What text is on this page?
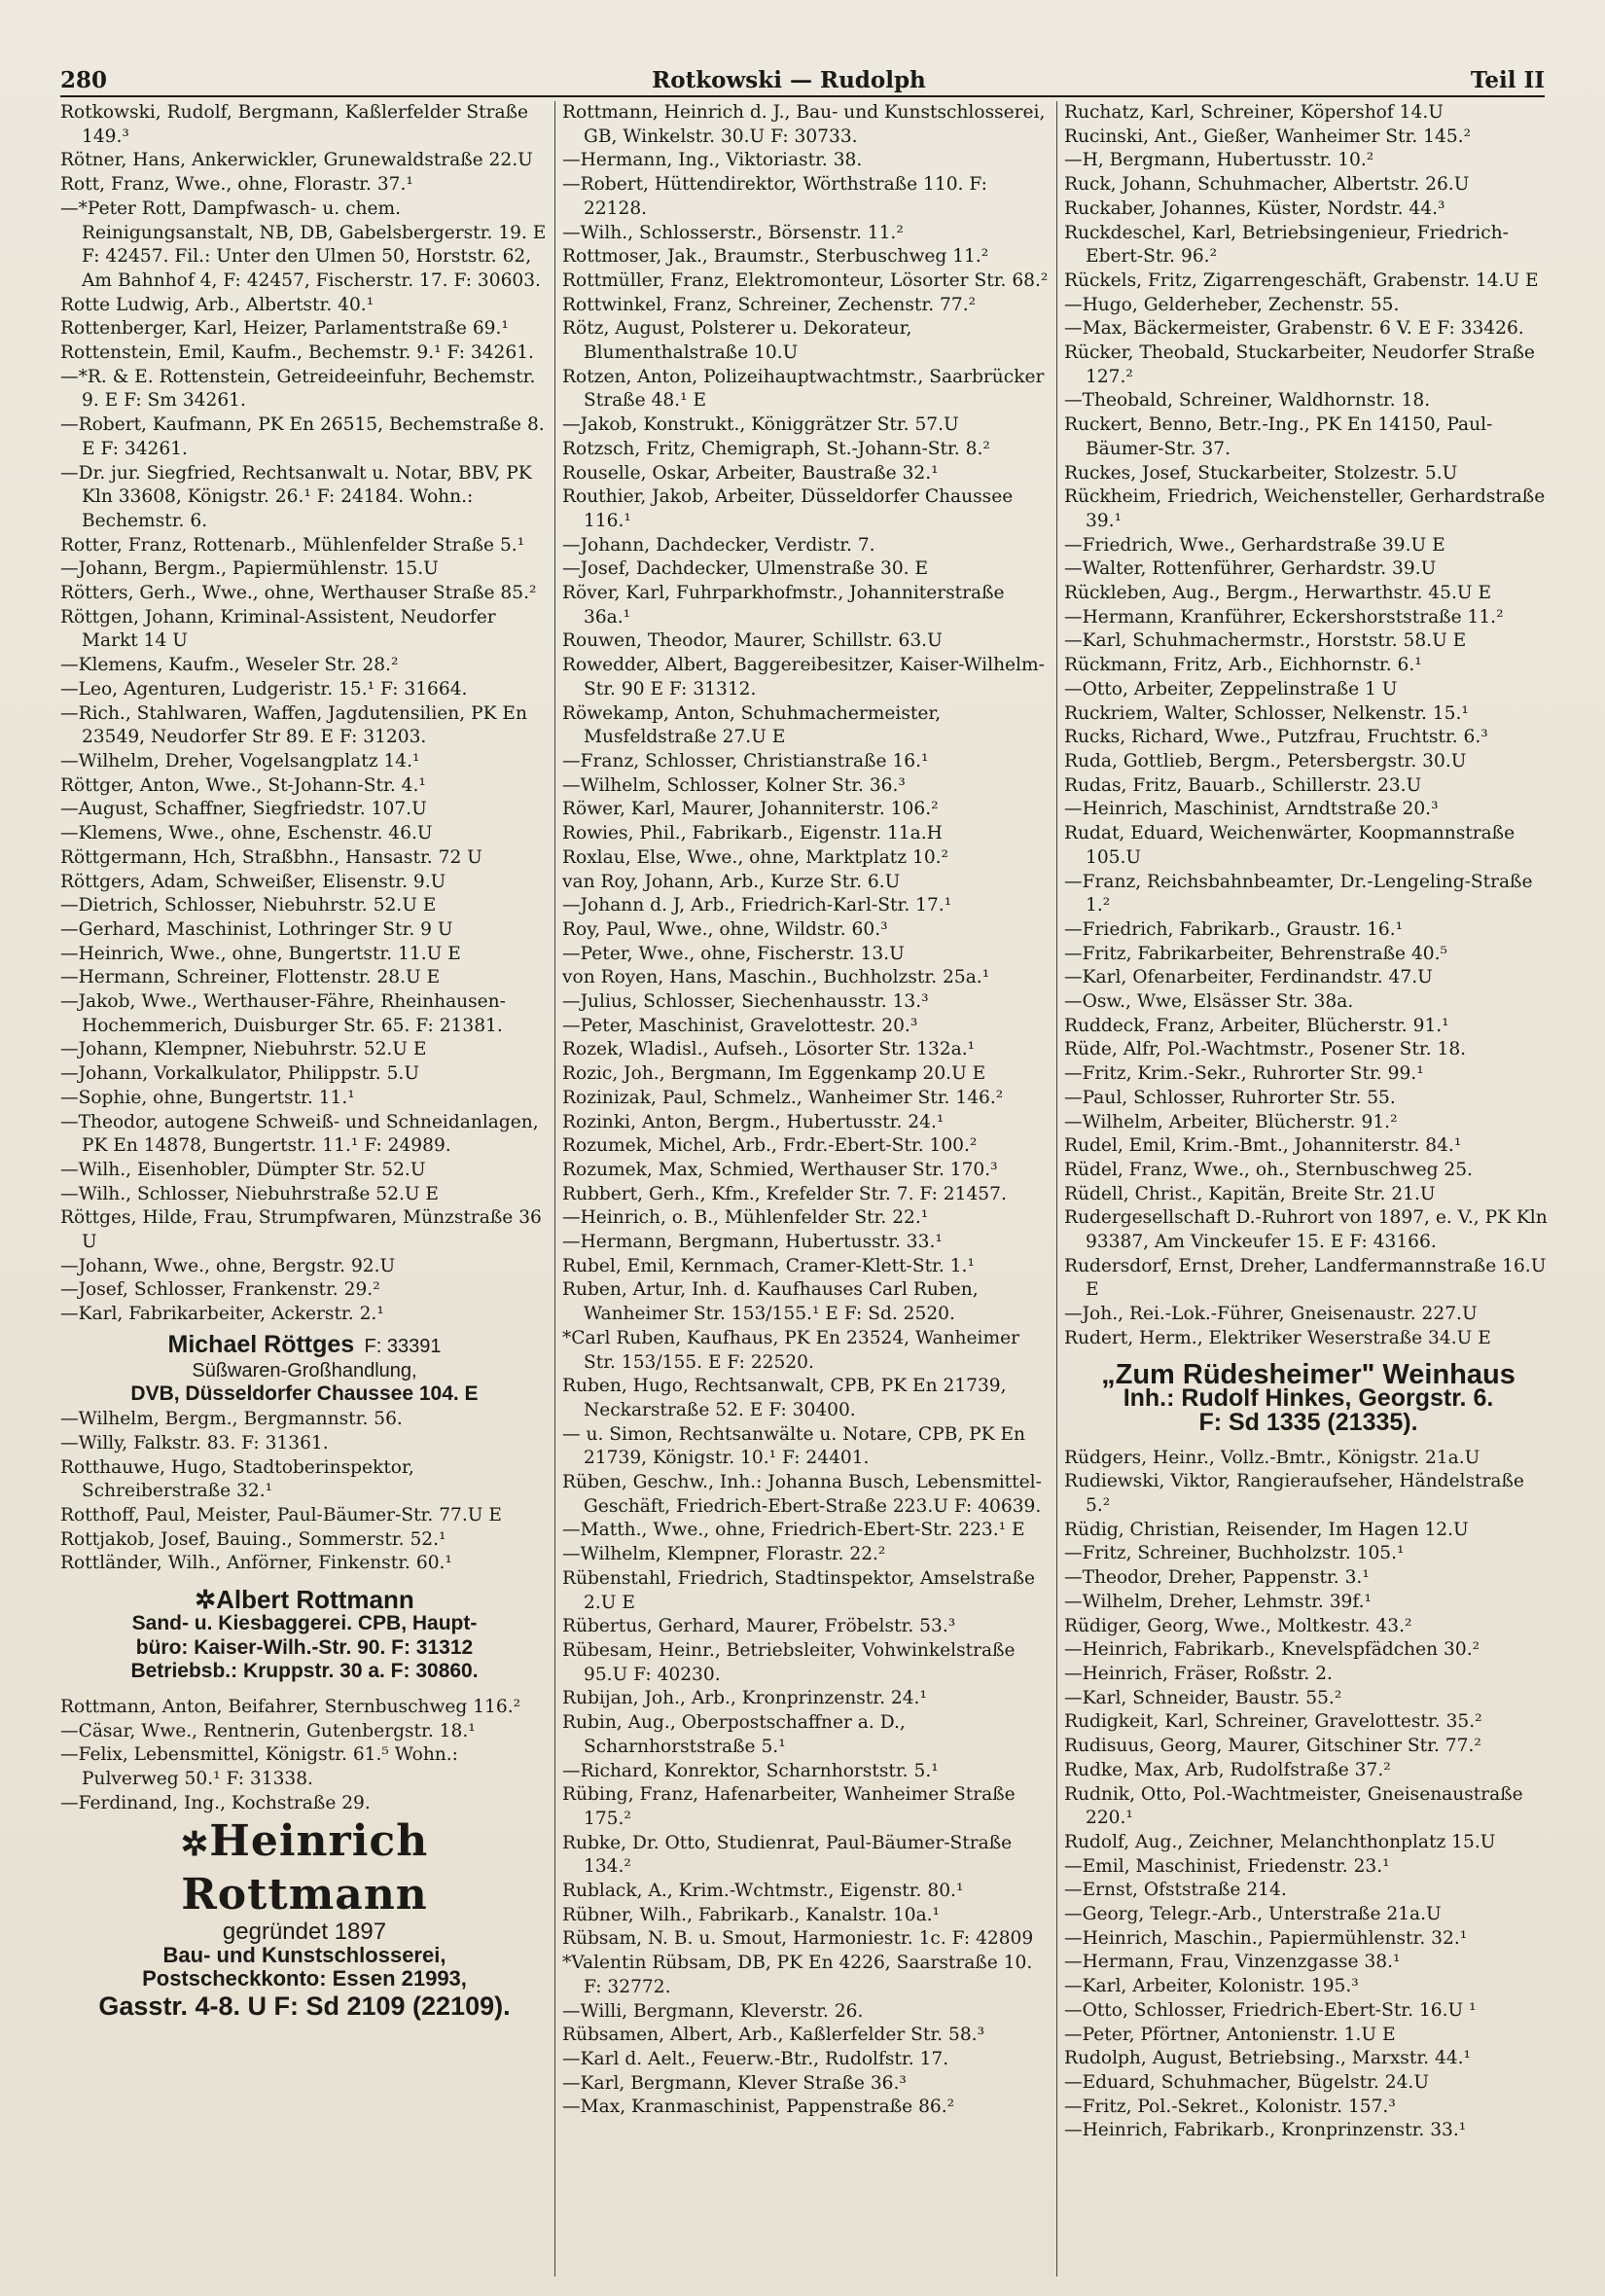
280	Rotkowski — Rudolph	Teil II
Rotkowski, Rudolf, Bergmann, Kaßlerfelder Straße 149.³
Rötner, Hans, Ankerwickler, Grunewaldstraße 22.U
Rott, Franz, Wwe., ohne, Florastr. 37.¹
—*Peter Rott, Dampfwasch- u. chem. Reinigungsanstalt, NB, DB, Gabelsbergerstr. 19. E F: 42457. Fil.: Unter den Ulmen 50, Horststr. 62, Am Bahnhof 4, F: 42457, Fischerstr. 17. F: 30603.
Rotte Ludwig, Arb., Albertstr. 40.¹
Rottenberger, Karl, Heizer, Parlamentstraße 69.¹
Rottenstein, Emil, Kaufm., Bechemstr. 9.¹ F: 34261.
—*R. & E. Rottenstein, Getreideeinfuhr, Bechemstr. 9. E F: Sm 34261.
—Robert, Kaufmann, PK En 26515, Bechemstraße 8. E F: 34261.
—Dr. jur. Siegfried, Rechtsanwalt u. Notar, BBV, PK Kln 33608, Königstr. 26.¹ F: 24184. Wohn.: Bechemstr. 6.
Rotter, Franz, Rottenarb., Mühlenfelder Straße 5.¹
—Johann, Bergm., Papiermühlenstr. 15.U
Rötters, Gerh., Wwe., ohne, Werthauser Straße 85.²
Röttgen, Johann, Kriminal-Assistent, Neudorfer Markt 14 U
—Klemens, Kaufm., Weseler Str. 28.²
—Leo, Agenturen, Ludgeristr. 15.¹ F: 31664.
—Rich., Stahlwaren, Waffen, Jagdutensilien, PK En 23549, Neudorfer Str 89. E F: 31203.
—Wilhelm, Dreher, Vogelsangplatz 14.¹
Röttger, Anton, Wwe., St-Johann-Str. 4.¹
—August, Schaffner, Siegfriedstr. 107.U
—Klemens, Wwe., ohne, Eschenstr. 46.U
Röttgermann, Hch, Straßbhn., Hansastr. 72 U
Röttgers, Adam, Schweißer, Elisenstr. 9.U
—Dietrich, Schlosser, Niebuhrstr. 52.U E
—Gerhard, Maschinist, Lothringer Str. 9 U
—Heinrich, Wwe., ohne, Bungertstr. 11.U E
—Hermann, Schreiner, Flottenstr. 28.U E
—Jakob, Wwe., Werthauser-Fähre, Rheinhausen-Hochemmerich, Duisburger Str. 65. F: 21381.
—Johann, Klempner, Niebuhrstr. 52.U E
—Johann, Vorkalkulator, Philippstr. 5.U
—Sophie, ohne, Bungertstr. 11.¹
—Theodor, autogene Schweiß- und Schneidanlagen, PK En 14878, Bungertstr. 11.¹ F: 24989.
—Wilh., Eisenhobler, Dümpter Str. 52.U
—Wilh., Schlosser, Niebuhrstraße 52.U E
Röttges, Hilde, Frau, Strumpfwaren, Münzstraße 36 U
—Johann, Wwe., ohne, Bergstr. 92.U
—Josef, Schlosser, Frankenstr. 29.²
—Karl, Fabrikarbeiter, Ackerstr. 2.¹
Michael Röttges F: 33391
Süßwaren-Großhandlung,
DVB, Düsseldorfer Chaussee 104. E
—Wilhelm, Bergm., Bergmannstr. 56.
—Willy, Falkstr. 83. F: 31361.
Rotthauwe, Hugo, Stadtoberinspektor, Schreiberstraße 32.¹
Rotthoff, Paul, Meister, Paul-Bäumer-Str. 77.U E
Rottjakob, Josef, Bauing., Sommerstr. 52.¹
Rottländer, Wilh., Anförner, Finkenstr. 60.¹
✲Albert Rottmann
Sand- u. Kiesbaggerei. CPB, Haupt-
büro: Kaiser-Wilh.-Str. 90. F: 31312
Betriebsb.: Kruppstr. 30 a. F: 30860.
Rottmann, Anton, Beifahrer, Sternbuschweg 116.²
—Cäsar, Wwe., Rentnerin, Gutenbergstr. 18.¹
—Felix, Lebensmittel, Königstr. 61.⁵ Wohn.: Pulverweg 50.¹ F: 31338.
—Ferdinand, Ing., Kochstraße 29.
✲Heinrich Rottmann
gegründet 1897
Bau- und Kunstschlosserei,
Postscheckkonto: Essen 21993,
Gasstr. 4-8. U F: Sd 2109 (22109).
Rottmann, Heinrich d. J., Bau- und Kunstschlosserei, GB, Winkelstr. 30.U F: 30733.
—Hermann, Ing., Viktoriastr. 38.
—Robert, Hüttendirektor, Wörthstraße 110. F: 22128.
—Wilh., Schlosserstr., Börsenstr. 11.²
Rottmoser, Jak., Braumstr., Sterbuschweg 11.²
Rottmüller, Franz, Elektromonteur, Lösorter Str. 68.²
Rottwinkel, Franz, Schreiner, Zechenstr. 77.²
Rötz, August, Polsterer u. Dekorateur, Blumenthalstraße 10.U
Rotzen, Anton, Polizeihauptwachtmstr., Saarbrücker Straße 48.¹ E
—Jakob, Konstrukt., Königgrätzer Str. 57.U
Rotzsch, Fritz, Chemigraph, St.-Johann-Str. 8.²
Rouselle, Oskar, Arbeiter, Baustraße 32.¹
Routhier, Jakob, Arbeiter, Düsseldorfer Chaussee 116.¹
—Johann, Dachdecker, Verdistr. 7.
—Josef, Dachdecker, Ulmenstraße 30. E
Röver, Karl, Fuhrparkhofmstr., Johanniterstraße 36a.¹
Rouwen, Theodor, Maurer, Schillstr. 63.U
Rowedder, Albert, Baggereibesitzer, Kaiser-Wilhelm-Str. 90 E F: 31312.
Röwekamp, Anton, Schuhmachermeister, Musfeldstraße 27.U E
—Franz, Schlosser, Christianstraße 16.¹
—Wilhelm, Schlosser, Kolner Str. 36.³
Röwer, Karl, Maurer, Johanniterstr. 106.²
Rowies, Phil., Fabrikarb., Eigenstr. 11a.H
Roxlau, Else, Wwe., ohne, Marktplatz 10.²
van Roy, Johann, Arb., Kurze Str. 6.U
—Johann d. J, Arb., Friedrich-Karl-Str. 17.¹
Roy, Paul, Wwe., ohne, Wildstr. 60.³
—Peter, Wwe., ohne, Fischerstr. 13.U
von Royen, Hans, Maschin., Buchholzstr. 25a.¹
—Julius, Schlosser, Siechenhausstr. 13.³
—Peter, Maschinist, Gravelottestr. 20.³
Rozek, Wladisl., Aufseh., Lösorter Str. 132a.¹
Rozic, Joh., Bergmann, Im Eggenkamp 20.U E
Rozinizak, Paul, Schmelz., Wanheimer Str. 146.²
Rozinki, Anton, Bergm., Hubertusstr. 24.¹
Rozumek, Michel, Arb., Frdr.-Ebert-Str. 100.²
Rozumek, Max, Schmied, Werthauser Str. 170.³
Rubbert, Gerh., Kfm., Krefelder Str. 7. F: 21457.
—Heinrich, o. B., Mühlenfelder Str. 22.¹
—Hermann, Bergmann, Hubertusstr. 33.¹
Rubel, Emil, Kernmach, Cramer-Klett-Str. 1.¹
Ruben, Artur, Inh. d. Kaufhauses Carl Ruben, Wanheimer Str. 153/155.¹ E F: Sd. 2520.
*Carl Ruben, Kaufhaus, PK En 23524, Wanheimer Str. 153/155. E F: 22520.
Ruben, Hugo, Rechtsanwalt, CPB, PK En 21739, Neckarstraße 52. E F: 30400.
— u. Simon, Rechtsanwälte u. Notare, CPB, PK En 21739, Königstr. 10.¹ F: 24401.
Rüben, Geschw., Inh.: Johanna Busch, Lebensmittel-Geschäft, Friedrich-Ebert-Straße 223.U F: 40639.
—Matth., Wwe., ohne, Friedrich-Ebert-Str. 223.¹ E
—Wilhelm, Klempner, Florastr. 22.²
Rübenstahl, Friedrich, Stadtinspektor, Amselstraße 2.U E
Rübertus, Gerhard, Maurer, Fröbelstr. 53.³
Rübesam, Heinr., Betriebsleiter, Vohwinkelstraße 95.U F: 40230.
Rubijan, Joh., Arb., Kronprinzenstr. 24.¹
Rubin, Aug., Oberpostschaffner a. D., Scharnhorststraße 5.¹
—Richard, Konrektor, Scharnhorststr. 5.¹
Rübing, Franz, Hafenarbeiter, Wanheimer Straße 175.²
Rubke, Dr. Otto, Studienrat, Paul-Bäumer-Straße 134.²
Rublack, A., Krim.-Wchtmstr., Eigenstr. 80.¹
Rübner, Wilh., Fabrikarb., Kanalstr. 10a.¹
Rübsam, N. B. u. Smout, Harmoniestr. 1c. F: 42809
*Valentin Rübsam, DB, PK En 4226, Saarstraße 10. F: 32772.
—Willi, Bergmann, Kleverstr. 26.
Rübsamen, Albert, Arb., Kaßlerfelder Str. 58.³
—Karl d. Aelt., Feuerw.-Btr., Rudolfstr. 17.
—Karl, Bergmann, Klever Straße 36.³
—Max, Kranmaschinist, Pappenstraße 86.²
Ruchatz, Karl, Schreiner, Köpershof 14.U
Rucinski, Ant., Gießer, Wanheimer Str. 145.²
—H, Bergmann, Hubertusstr. 10.²
Ruck, Johann, Schuhmacher, Albertstr. 26.U
Ruckaber, Johannes, Küster, Nordstr. 44.³
Ruckdeschel, Karl, Betriebsingenieur, Friedrich-Ebert-Str. 96.²
Rückels, Fritz, Zigarrengeschäft, Grabenstr. 14.U E
—Hugo, Gelderheber, Zechenstr. 55.
—Max, Bäckermeister, Grabenstr. 6 V. E F: 33426.
Rücker, Theobald, Stuckarbeiter, Neudorfer Straße 127.²
—Theobald, Schreiner, Waldhornstr. 18.
Ruckert, Benno, Betr.-Ing., PK En 14150, Paul-Bäumer-Str. 37.
Ruckes, Josef, Stuckarbeiter, Stolzestr. 5.U
Rückheim, Friedrich, Weichensteller, Gerhardstraße 39.¹
—Friedrich, Wwe., Gerhardstraße 39.U E
—Walter, Rottenführer, Gerhardstr. 39.U
Rückleben, Aug., Bergm., Herwarthstr. 45.U E
—Hermann, Kranführer, Eckershorststraße 11.²
—Karl, Schuhmachermstr., Horststr. 58.U E
Rückmann, Fritz, Arb., Eichhornstr. 6.¹
—Otto, Arbeiter, Zeppelinstraße 1 U
Ruckriem, Walter, Schlosser, Nelkenstr. 15.¹
Rucks, Richard, Wwe., Putzfrau, Fruchtstr. 6.³
Ruda, Gottlieb, Bergm., Petersbergstr. 30.U
Rudas, Fritz, Bauarb., Schillerstr. 23.U
—Heinrich, Maschinist, Arndtstraße 20.³
Rudat, Eduard, Weichenwärter, Koopmannstraße 105.U
—Franz, Reichsbahnbeamter, Dr.-Lengeling-Straße 1.²
—Friedrich, Fabrikarb., Graustr. 16.¹
—Fritz, Fabrikarbeiter, Behrenstraße 40.⁵
—Karl, Ofenarbeiter, Ferdinandstr. 47.U
—Osw., Wwe, Elsässer Str. 38a.
Ruddeck, Franz, Arbeiter, Blücherstr. 91.¹
Rüde, Alfr, Pol.-Wachtmstr., Posener Str. 18.
—Fritz, Krim.-Sekr., Ruhrorter Str. 99.¹
—Paul, Schlosser, Ruhrorter Str. 55.
—Wilhelm, Arbeiter, Blücherstr. 91.²
Rudel, Emil, Krim.-Bmt., Johanniterstr. 84.¹
Rüdel, Franz, Wwe., oh., Sternbuschweg 25.
Rüdell, Christ., Kapitän, Breite Str. 21.U
Rudergesellschaft D.-Ruhrort von 1897, e. V., PK Kln 93387, Am Vinckeufer 15. E F: 43166.
Rudersdorf, Ernst, Dreher, Landfermannstraße 16.U E
—Joh., Rei.-Lok.-Führer, Gneisenaustr. 227.U
Rudert, Herm., Elektriker Weserstraße 34.U E
„Zum Rüdesheimer" Weinhaus
Inh.: Rudolf Hinkes, Georgstr. 6.
F: Sd 1335 (21335).
Rüdgers, Heinr., Vollz.-Bmtr., Königstr. 21a.U
Rudiewski, Viktor, Rangieraufseher, Händelstraße 5.²
Rüdig, Christian, Reisender, Im Hagen 12.U
—Fritz, Schreiner, Buchholzstr. 105.¹
—Theodor, Dreher, Pappenstr. 3.¹
—Wilhelm, Dreher, Lehmstr. 39f.¹
Rüdiger, Georg, Wwe., Moltkestr. 43.²
—Heinrich, Fabrikarb., Knevelspfädchen 30.²
—Heinrich, Fräser, Roßstr. 2.
—Karl, Schneider, Baustr. 55.²
Rudigkeit, Karl, Schreiner, Gravelottestr. 35.²
Rudisuus, Georg, Maurer, Gitschiner Str. 77.²
Rudke, Max, Arb, Rudolfstraße 37.²
Rudnik, Otto, Pol.-Wachtmeister, Gneisenaustraße 220.¹
Rudolf, Aug., Zeichner, Melanchthonplatz 15.U
—Emil, Maschinist, Friedenstr. 23.¹
—Ernst, Ofststraße 214.
—Georg, Telegr.-Arb., Unterstraße 21a.U
—Heinrich, Maschin., Papiermühlenstr. 32.¹
—Hermann, Frau, Vinzenzgasse 38.¹
—Karl, Arbeiter, Kolonistr. 195.³
—Otto, Schlosser, Friedrich-Ebert-Str. 16.U ¹
—Peter, Pförtner, Antonienstr. 1.U E
Rudolph, August, Betriebsing., Marxstr. 44.¹
—Eduard, Schuhmacher, Bügelstr. 24.U
—Fritz, Pol.-Sekret., Kolonistr. 157.³
—Heinrich, Fabrikarb., Kronprinzenstr. 33.¹
